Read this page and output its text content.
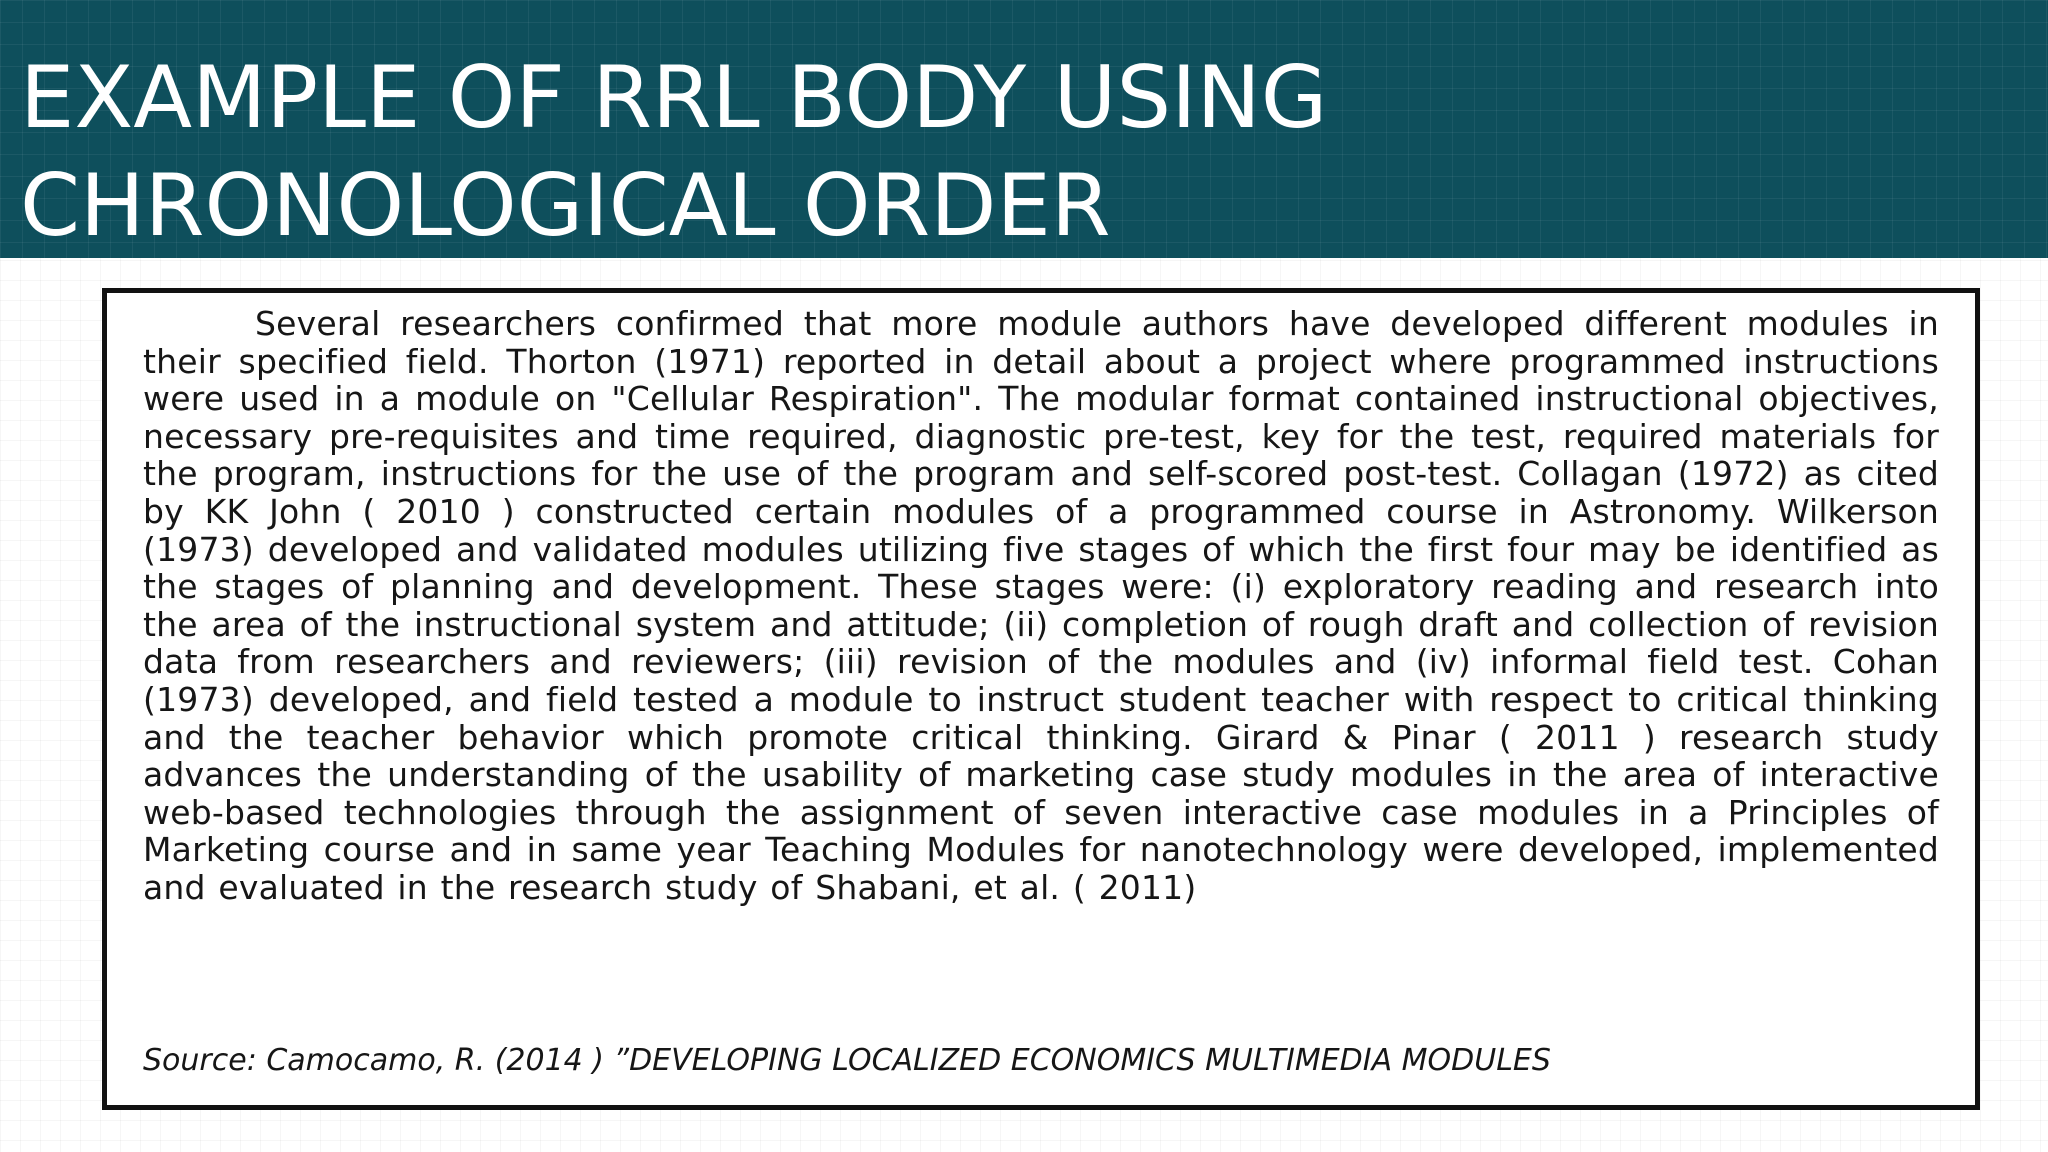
EXAMPLE OF RRL BODY USING
CHRONOLOGICAL ORDER

Several researchers confirmed that more module authors have developed different modules in their specified field. Thorton (1971) reported in detail about a project where programmed instructions were used in a module on "Cellular Respiration". The modular format contained instructional objectives, necessary pre-requisites and time required, diagnostic pre-test, key for the test, required materials for the program, instructions for the use of the program and self-scored post-test. Collagan (1972) as cited by KK John ( 2010 ) constructed certain modules of a programmed course in Astronomy. Wilkerson (1973) developed and validated modules utilizing five stages of which the first four may be identified as the stages of planning and development. These stages were: (i) exploratory reading and research into the area of the instructional system and attitude; (ii) completion of rough draft and collection of revision data from researchers and reviewers; (iii) revision of the modules and (iv) informal field test. Cohan (1973) developed, and field tested a module to instruct student teacher with respect to critical thinking and the teacher behavior which promote critical thinking. Girard & Pinar ( 2011 ) research study advances the understanding of the usability of marketing case study modules in the area of interactive web-based technologies through the assignment of seven interactive case modules in a Principles of Marketing course and in same year Teaching Modules for nanotechnology were developed, implemented and evaluated in the research study of Shabani, et al. ( 2011)

Source: Camocamo, R. (2014 ) ”DEVELOPING LOCALIZED ECONOMICS MULTIMEDIA MODULES
